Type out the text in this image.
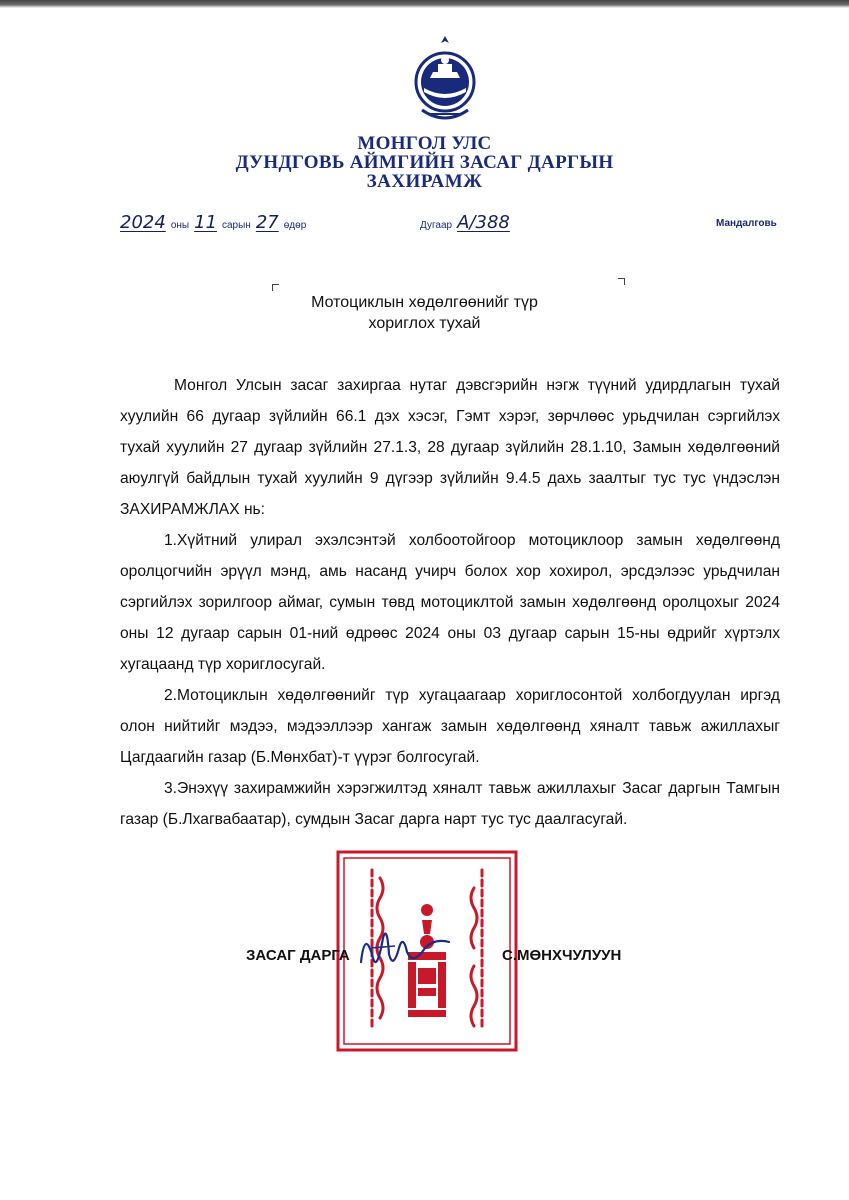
МОНГОЛ УЛС
ДУНДГОВЬ АЙМГИЙН ЗАСАГ ДАРГЫН
ЗАХИРАМЖ
2024 оны 11 сарын 27 өдөр	Дугаар А/388	Мандалговь
Мотоциклын хөдөлгөөнийг түр
хориглох тухай

Монгол Улсын засаг захиргаа нутаг дэвсгэрийн нэгж түүний удирдлагын тухай хуулийн 66 дугаар зүйлийн 66.1 дэх хэсэг, Гэмт хэрэг, зөрчлөөс урьдчилан сэргийлэх тухай хуулийн 27 дугаар зүйлийн 27.1.3, 28 дугаар зүйлийн 28.1.10, Замын хөдөлгөөний аюулгүй байдлын тухай хуулийн 9 дүгээр зүйлийн 9.4.5 дахь заалтыг тус тус үндэслэн ЗАХИРАМЖЛАХ нь:

1.Хүйтний улирал эхэлсэнтэй холбоотойгоор мотоциклоор замын хөдөлгөөнд оролцогчийн эрүүл мэнд, амь насанд учирч болох хор хохирол, эрсдэлээс урьдчилан сэргийлэх зорилгоор аймаг, сумын төвд мотоциклтой замын хөдөлгөөнд оролцохыг 2024 оны 12 дугаар сарын 01-ний өдрөөс 2024 оны 03 дугаар сарын 15-ны өдрийг хүртэлх хугацаанд түр хориглосугай.

2.Мотоциклын хөдөлгөөнийг түр хугацаагаар хориглосонтой холбогдуулан иргэд олон нийтийг мэдээ, мэдээллээр хангаж замын хөдөлгөөнд хяналт тавьж ажиллахыг Цагдаагийн газар (Б.Мөнхбат)-т үүрэг болгосугай.

3.Энэхүү захирамжийн хэрэгжилтэд хяналт тавьж ажиллахыг Засаг даргын Тамгын газар (Б.Лхагвабаатар), сумдын Засаг дарга нарт тус тус даалгасугай.

ЗАСАГ ДАРГА	С.МӨНХЧУЛУУН
